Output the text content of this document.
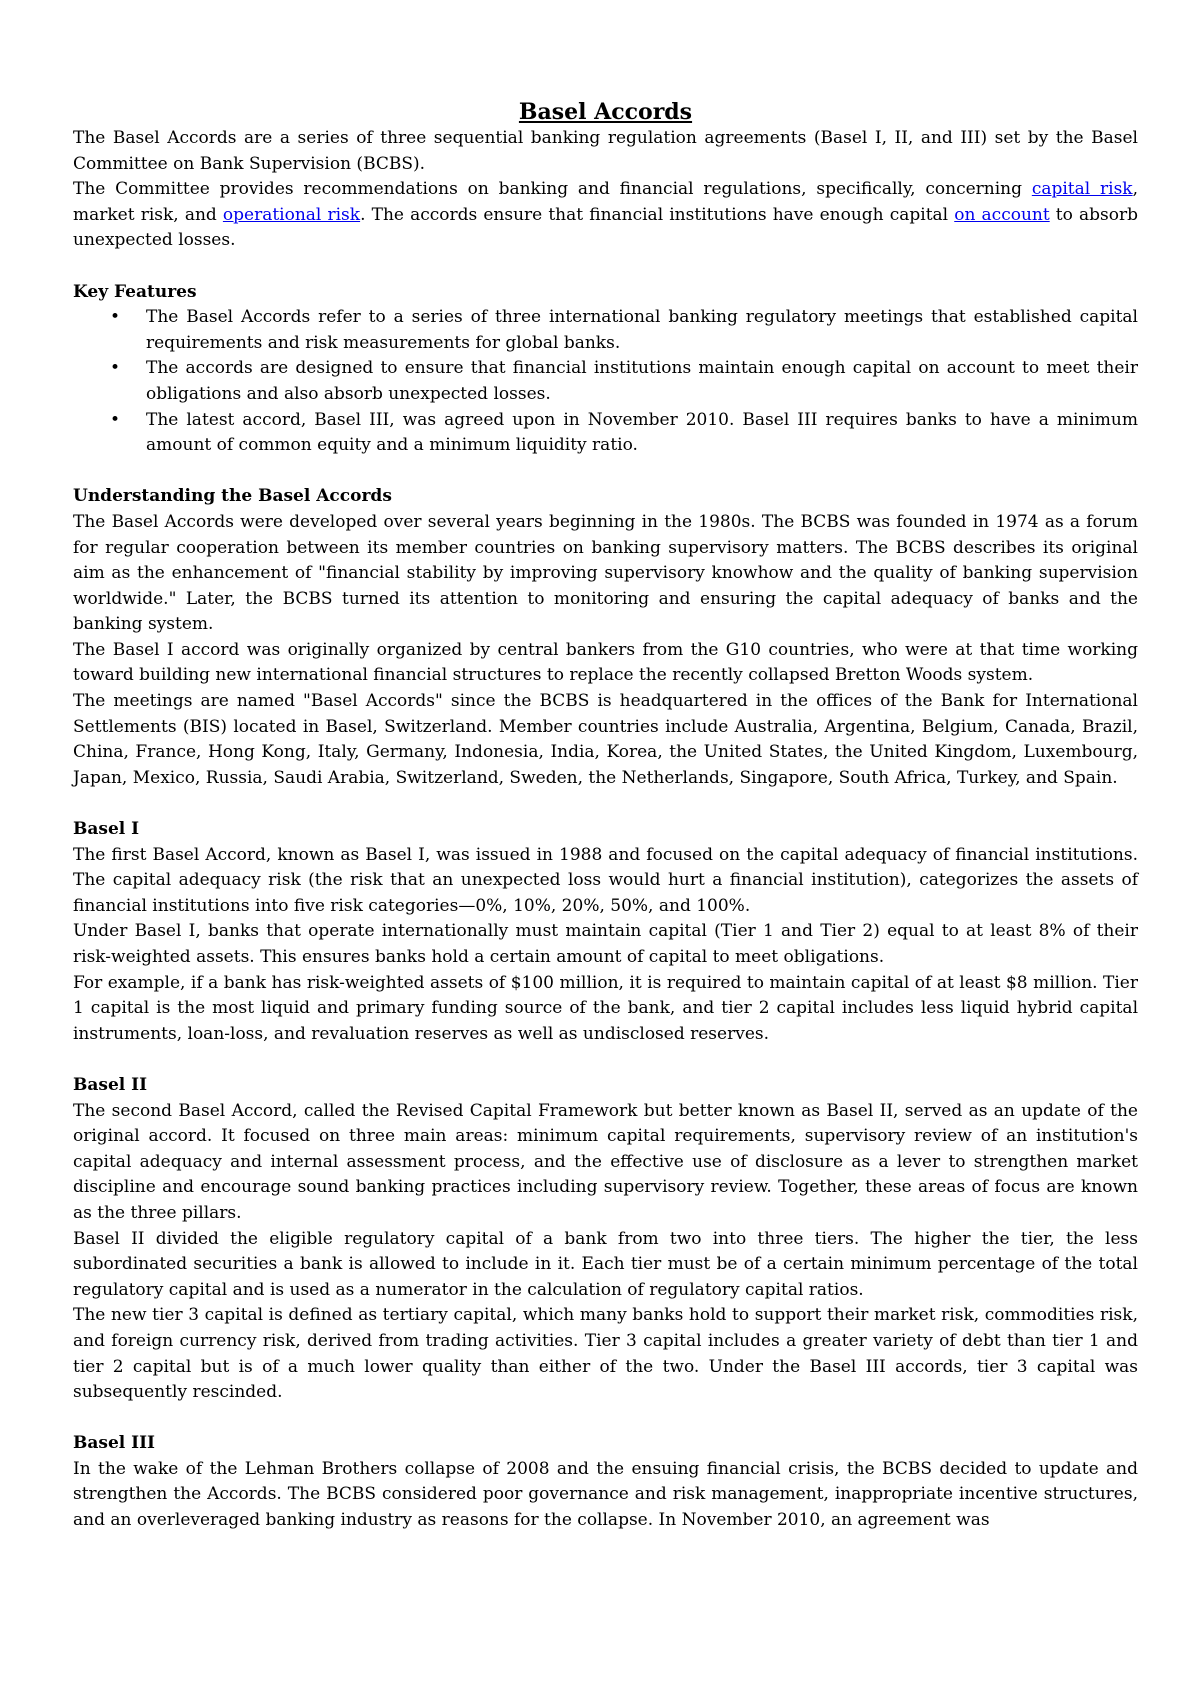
Basel Accords

The Basel Accords are a series of three sequential banking regulation agreements (Basel I, II, and III) set by the Basel Committee on Bank Supervision (BCBS).

The Committee provides recommendations on banking and financial regulations, specifically, concerning capital risk, market risk, and operational risk. The accords ensure that financial institutions have enough capital on account to absorb unexpected losses.

Key Features

• The Basel Accords refer to a series of three international banking regulatory meetings that established capital requirements and risk measurements for global banks.
• The accords are designed to ensure that financial institutions maintain enough capital on account to meet their obligations and also absorb unexpected losses.
• The latest accord, Basel III, was agreed upon in November 2010. Basel III requires banks to have a minimum amount of common equity and a minimum liquidity ratio.

Understanding the Basel Accords

The Basel Accords were developed over several years beginning in the 1980s. The BCBS was founded in 1974 as a forum for regular cooperation between its member countries on banking supervisory matters. The BCBS describes its original aim as the enhancement of "financial stability by improving supervisory knowhow and the quality of banking supervision worldwide." Later, the BCBS turned its attention to monitoring and ensuring the capital adequacy of banks and the banking system.

The Basel I accord was originally organized by central bankers from the G10 countries, who were at that time working toward building new international financial structures to replace the recently collapsed Bretton Woods system.

The meetings are named "Basel Accords" since the BCBS is headquartered in the offices of the Bank for International Settlements (BIS) located in Basel, Switzerland. Member countries include Australia, Argentina, Belgium, Canada, Brazil, China, France, Hong Kong, Italy, Germany, Indonesia, India, Korea, the United States, the United Kingdom, Luxembourg, Japan, Mexico, Russia, Saudi Arabia, Switzerland, Sweden, the Netherlands, Singapore, South Africa, Turkey, and Spain.

Basel I

The first Basel Accord, known as Basel I, was issued in 1988 and focused on the capital adequacy of financial institutions. The capital adequacy risk (the risk that an unexpected loss would hurt a financial institution), categorizes the assets of financial institutions into five risk categories—0%, 10%, 20%, 50%, and 100%.

Under Basel I, banks that operate internationally must maintain capital (Tier 1 and Tier 2) equal to at least 8% of their risk-weighted assets. This ensures banks hold a certain amount of capital to meet obligations.

For example, if a bank has risk-weighted assets of $100 million, it is required to maintain capital of at least $8 million. Tier 1 capital is the most liquid and primary funding source of the bank, and tier 2 capital includes less liquid hybrid capital instruments, loan-loss, and revaluation reserves as well as undisclosed reserves.

Basel II

The second Basel Accord, called the Revised Capital Framework but better known as Basel II, served as an update of the original accord. It focused on three main areas: minimum capital requirements, supervisory review of an institution's capital adequacy and internal assessment process, and the effective use of disclosure as a lever to strengthen market discipline and encourage sound banking practices including supervisory review. Together, these areas of focus are known as the three pillars.

Basel II divided the eligible regulatory capital of a bank from two into three tiers. The higher the tier, the less subordinated securities a bank is allowed to include in it. Each tier must be of a certain minimum percentage of the total regulatory capital and is used as a numerator in the calculation of regulatory capital ratios.

The new tier 3 capital is defined as tertiary capital, which many banks hold to support their market risk, commodities risk, and foreign currency risk, derived from trading activities. Tier 3 capital includes a greater variety of debt than tier 1 and tier 2 capital but is of a much lower quality than either of the two. Under the Basel III accords, tier 3 capital was subsequently rescinded.

Basel III

In the wake of the Lehman Brothers collapse of 2008 and the ensuing financial crisis, the BCBS decided to update and strengthen the Accords. The BCBS considered poor governance and risk management, inappropriate incentive structures, and an overleveraged banking industry as reasons for the collapse. In November 2010, an agreement was
